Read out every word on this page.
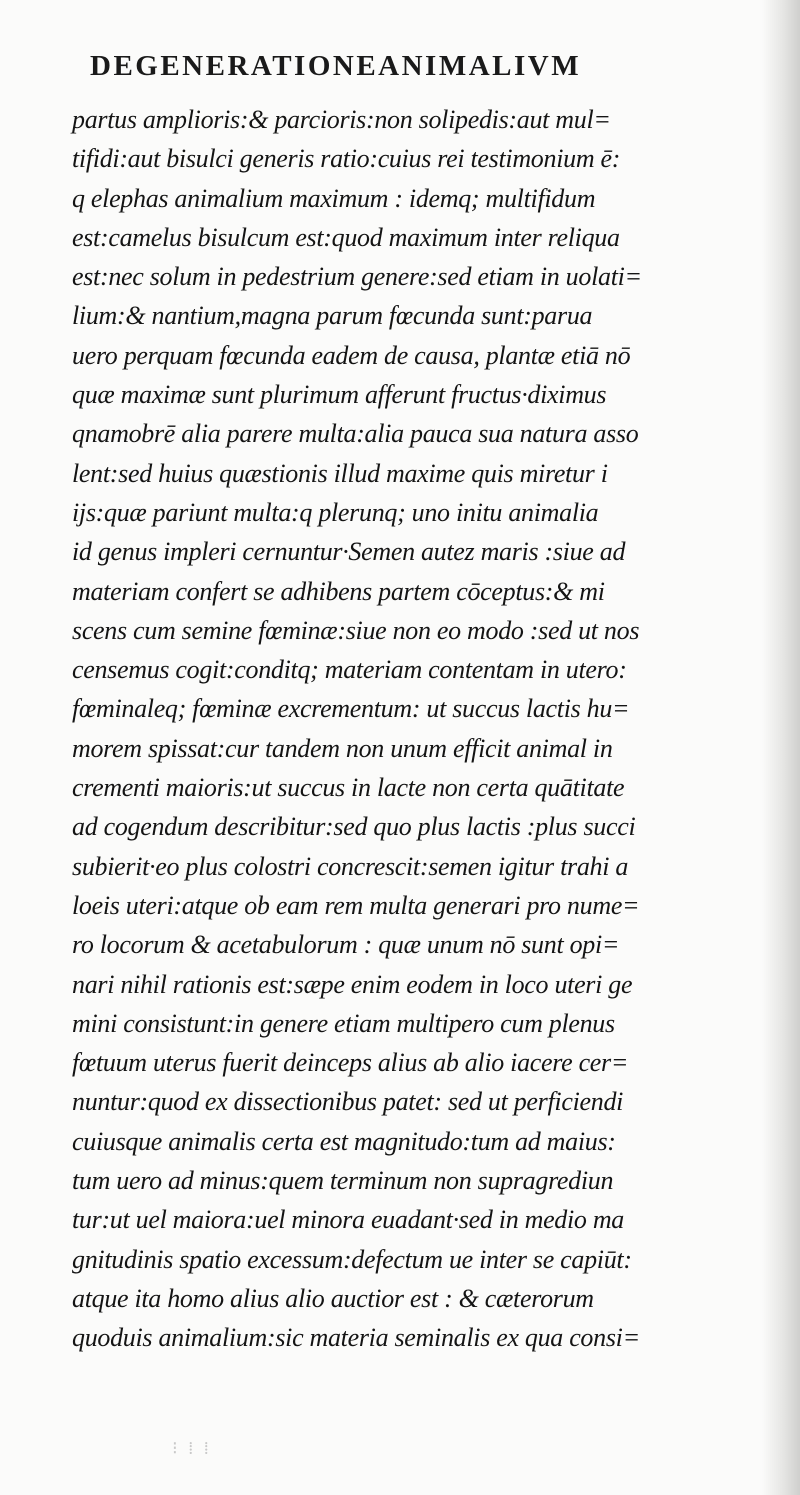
DEGENERATIONEANIMALIVM
partus amplioris:& parcioris:non solipedis:aut mul=
tifidi:aut bisulci generis ratio:cuius rei testimonium ē:
q elephas animalium maximum : idemq; multifidum
est:camelus bisulcum est:quod maximum inter reliqua
est:nec solum in pedestrium genere:sed etiam in uolati=
lium:& nantium,magna parum fœcunda sunt:parua
uero perquam fœcunda eadem de causa, plantæ etiā nō
quæ maximæ sunt plurimum afferunt fructus·diximus
qnamobrē alia parere multa:alia pauca sua natura asso
lent:sed huius quæstionis illud maxime quis miretur i
ijs:quæ pariunt multa:q plerunq; uno initu animalia
id genus impleri cernuntur·Semen autez maris :siue ad
materiam confert se adhibens partem cōceptus:& mi
scens cum semine fœminæ:siue non eo modo :sed ut nos
censemus cogit:conditq; materiam contentam in utero:
fœminaleq; fœminæ excrementum: ut succus lactis hu=
morem spissat:cur tandem non unum efficit animal in
crementi maioris:ut succus in lacte non certa quātitate
ad cogendum describitur:sed quo plus lactis :plus succi
subierit·eo plus colostri concrescit:semen igitur trahi a
loeis uteri:atque ob eam rem multa generari pro nume=
ro locorum & acetabulorum : quæ unum nō sunt opi=
nari nihil rationis est:sæpe enim eodem in loco uteri ge
mini consistunt:in genere etiam multipero cum plenus
fœtuum uterus fuerit deinceps alius ab alio iacere cer=
nuntur:quod ex dissectionibus patet: sed ut perficiendi
cuiusque animalis certa est magnitudo:tum ad maius:
tum uero ad minus:quem terminum non supragrediun
tur:ut uel maiora:uel minora euadant·sed in medio ma
gnitudinis spatio excessum:defectum ue inter se capiūt:
atque ita homo alius alio auctior est : & cæterorum
quoduis animalium:sic materia seminalis ex qua consi=
⁝ ⁞ ⁞
